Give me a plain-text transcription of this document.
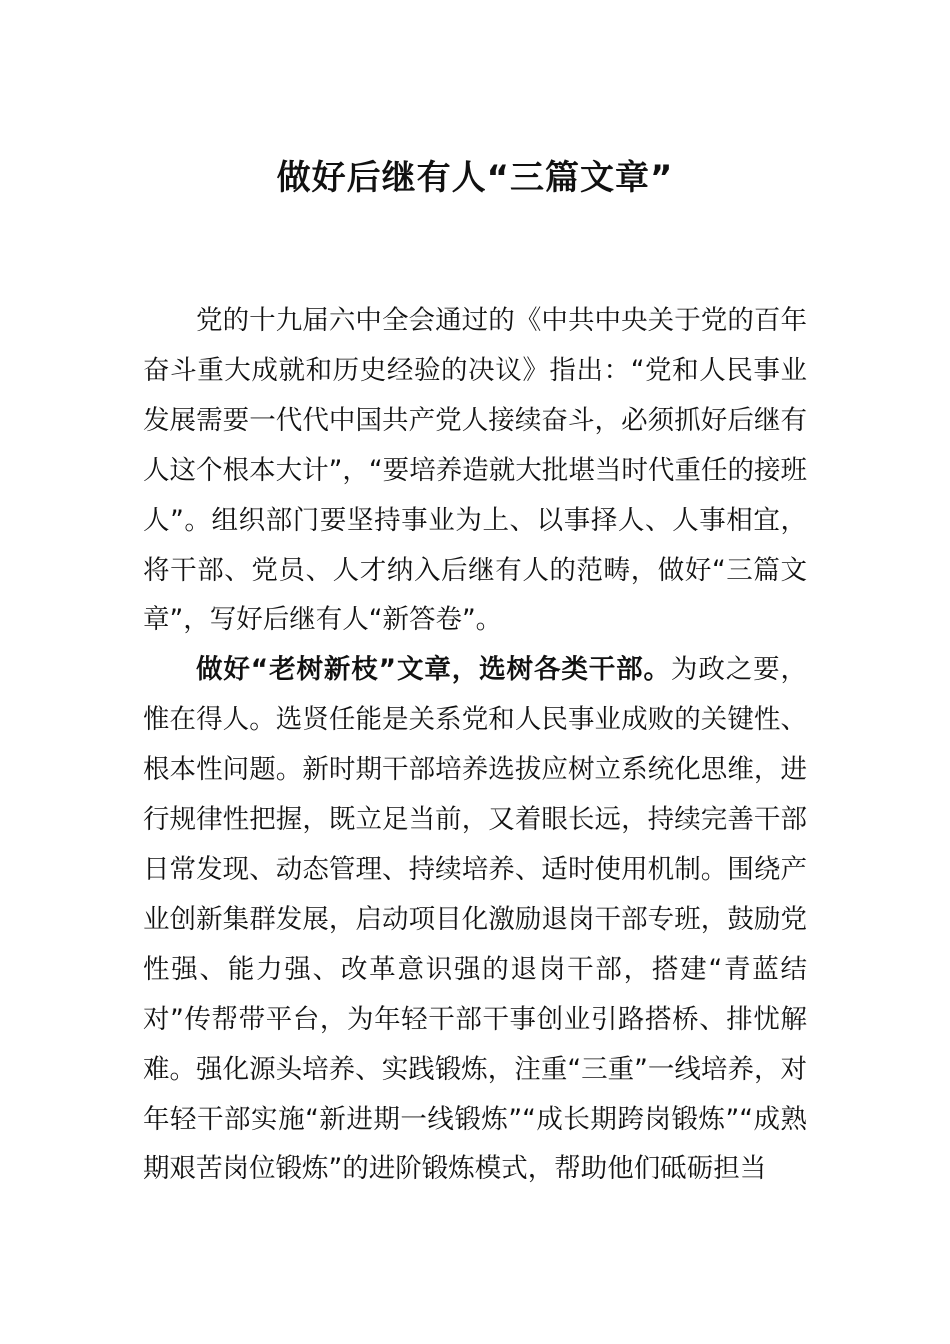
做好后继有人“三篇文章”

党的十九届六中全会通过的《中共中央关于党的百年奋斗重大成就和历史经验的决议》指出：“党和人民事业发展需要一代代中国共产党人接续奋斗，必须抓好后继有人这个根本大计”，“要培养造就大批堪当时代重任的接班人”。组织部门要坚持事业为上、以事择人、人事相宜，将干部、党员、人才纳入后继有人的范畴，做好“三篇文章”，写好后继有人“新答卷”。

做好“老树新枝”文章，选树各类干部。为政之要，惟在得人。选贤任能是关系党和人民事业成败的关键性、根本性问题。新时期干部培养选拔应树立系统化思维，进行规律性把握，既立足当前，又着眼长远，持续完善干部日常发现、动态管理、持续培养、适时使用机制。围绕产业创新集群发展，启动项目化激励退岗干部专班，鼓励党性强、能力强、改革意识强的退岗干部，搭建“青蓝结对”传帮带平台，为年轻干部干事创业引路搭桥、排忧解难。强化源头培养、实践锻炼，注重“三重”一线培养，对年轻干部实施“新进期一线锻炼”“成长期跨岗锻炼”“成熟期艰苦岗位锻炼”的进阶锻炼模式，帮助他们砥砺担当
